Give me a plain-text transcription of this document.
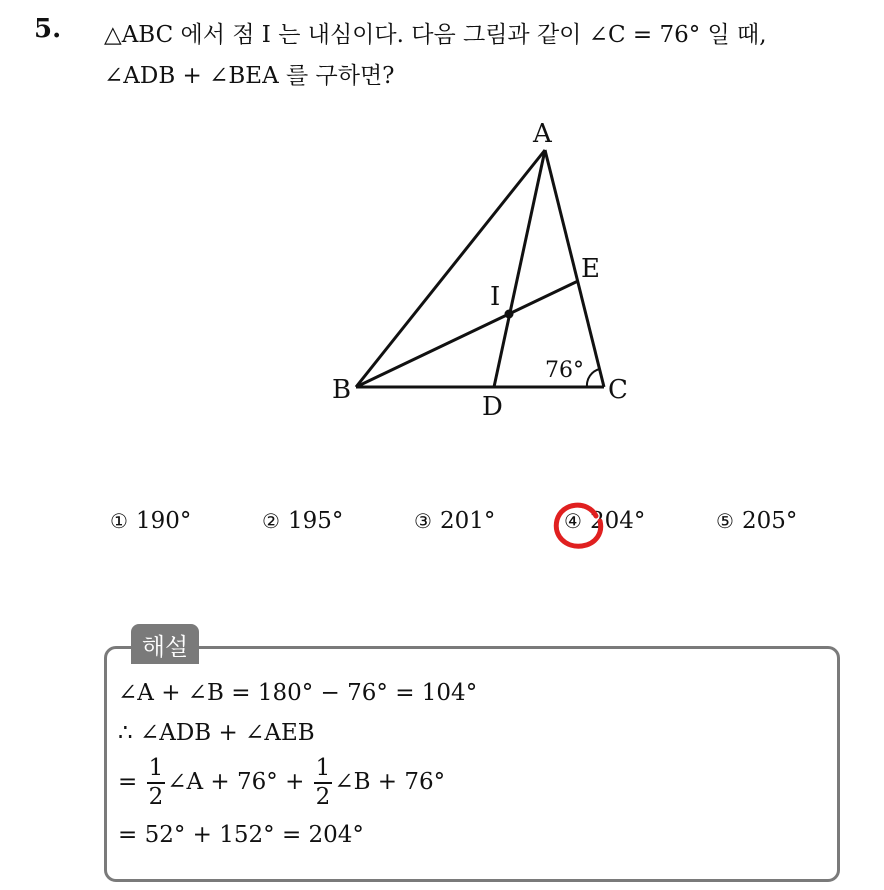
5. △ABC 에서 점 I 는 내심이다. 다음 그림과 같이 ∠C = 76° 일 때,
∠ADB + ∠BEA 를 구하면?
A
B	C
D
E
I
76°
① 190°	② 195°	③ 201°	④ 204°	⑤ 205°
해설
∠A + ∠B = 180° − 76° = 104°
∴ ∠ADB + ∠AEB
= $\frac{1}{2}$ ∠A + $76^\circ + \frac{1}{2}$ ∠B + 76°
= 52° + 152° = 204°
